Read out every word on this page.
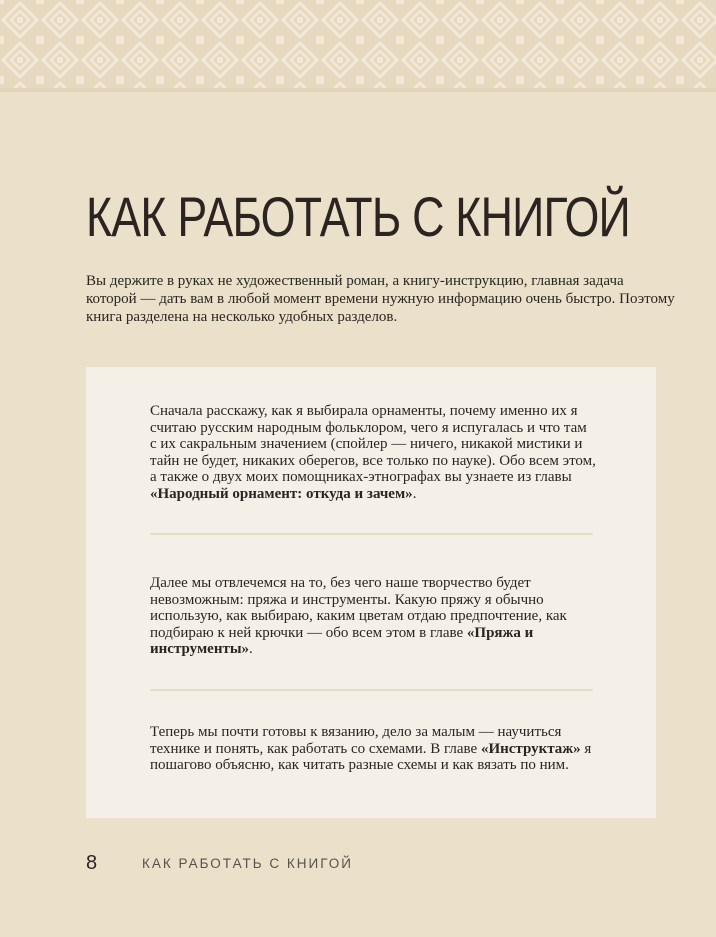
КАК РАБОТАТЬ С КНИГОЙ
Вы держите в руках не художественный роман, а книгу-инструкцию, главная задача которой — дать вам в любой момент времени нужную информацию очень быстро. Поэтому книга разделена на несколько удобных разделов.
Сначала расскажу, как я выбирала орнаменты, почему именно их я считаю русским народным фольклором, чего я испугалась и что там с их сакральным значением (спойлер — ничего, никакой мистики и тайн не будет, никаких оберегов, все только по науке). Обо всем этом, а также о двух моих помощниках-этнографах вы узнаете из главы «Народный орнамент: откуда и зачем».
Далее мы отвлечемся на то, без чего наше творчество будет невозможным: пряжа и инструменты. Какую пряжу я обычно использую, как выбираю, каким цветам отдаю предпочтение, как подбираю к ней крючки — обо всем этом в главе «Пряжа и инструменты».
Теперь мы почти готовы к вязанию, дело за малым — научиться технике и понять, как работать со схемами. В главе «Инструктаж» я пошагово объясню, как читать разные схемы и как вязать по ним.
8	КАК РАБОТАТЬ С КНИГОЙ
